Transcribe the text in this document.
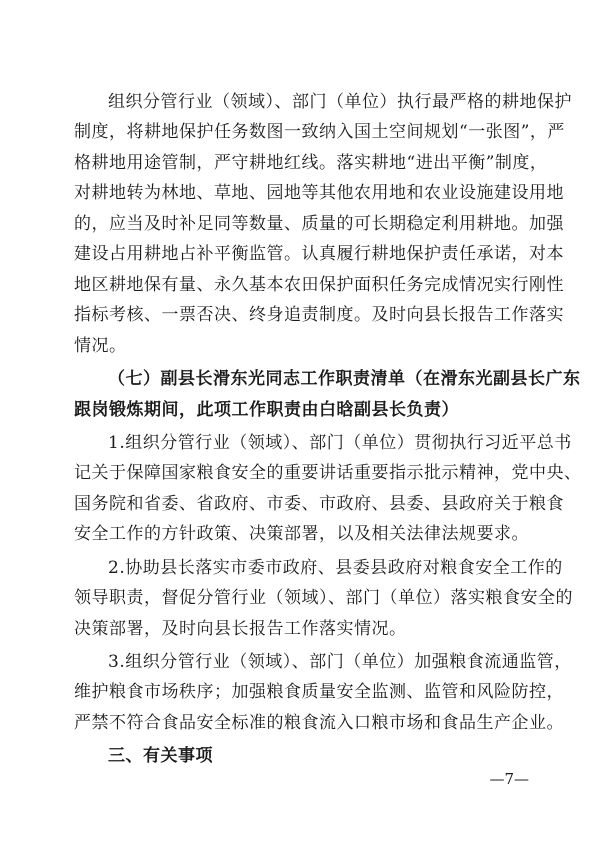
组织分管行业（领域）、部门（单位）执行最严格的耕地保护
制度，将耕地保护任务数图一致纳入国土空间规划“一张图”，严
格耕地用途管制，严守耕地红线。落实耕地“进出平衡”制度，
对耕地转为林地、草地、园地等其他农用地和农业设施建设用地
的，应当及时补足同等数量、质量的可长期稳定利用耕地。加强
建设占用耕地占补平衡监管。认真履行耕地保护责任承诺，对本
地区耕地保有量、永久基本农田保护面积任务完成情况实行刚性
指标考核、一票否决、终身追责制度。及时向县长报告工作落实
情况。
（七）副县长滑东光同志工作职责清单（在滑东光副县长广东
跟岗锻炼期间，此项工作职责由白晗副县长负责）
1.组织分管行业（领域）、部门（单位）贯彻执行习近平总书
记关于保障国家粮食安全的重要讲话重要指示批示精神，党中央、
国务院和省委、省政府、市委、市政府、县委、县政府关于粮食
安全工作的方针政策、决策部署，以及相关法律法规要求。
2.协助县长落实市委市政府、县委县政府对粮食安全工作的
领导职责，督促分管行业（领域）、部门（单位）落实粮食安全的
决策部署，及时向县长报告工作落实情况。
3.组织分管行业（领域）、部门（单位）加强粮食流通监管，
维护粮食市场秩序；加强粮食质量安全监测、监管和风险防控，
严禁不符合食品安全标准的粮食流入口粮市场和食品生产企业。
三、有关事项
—7—
